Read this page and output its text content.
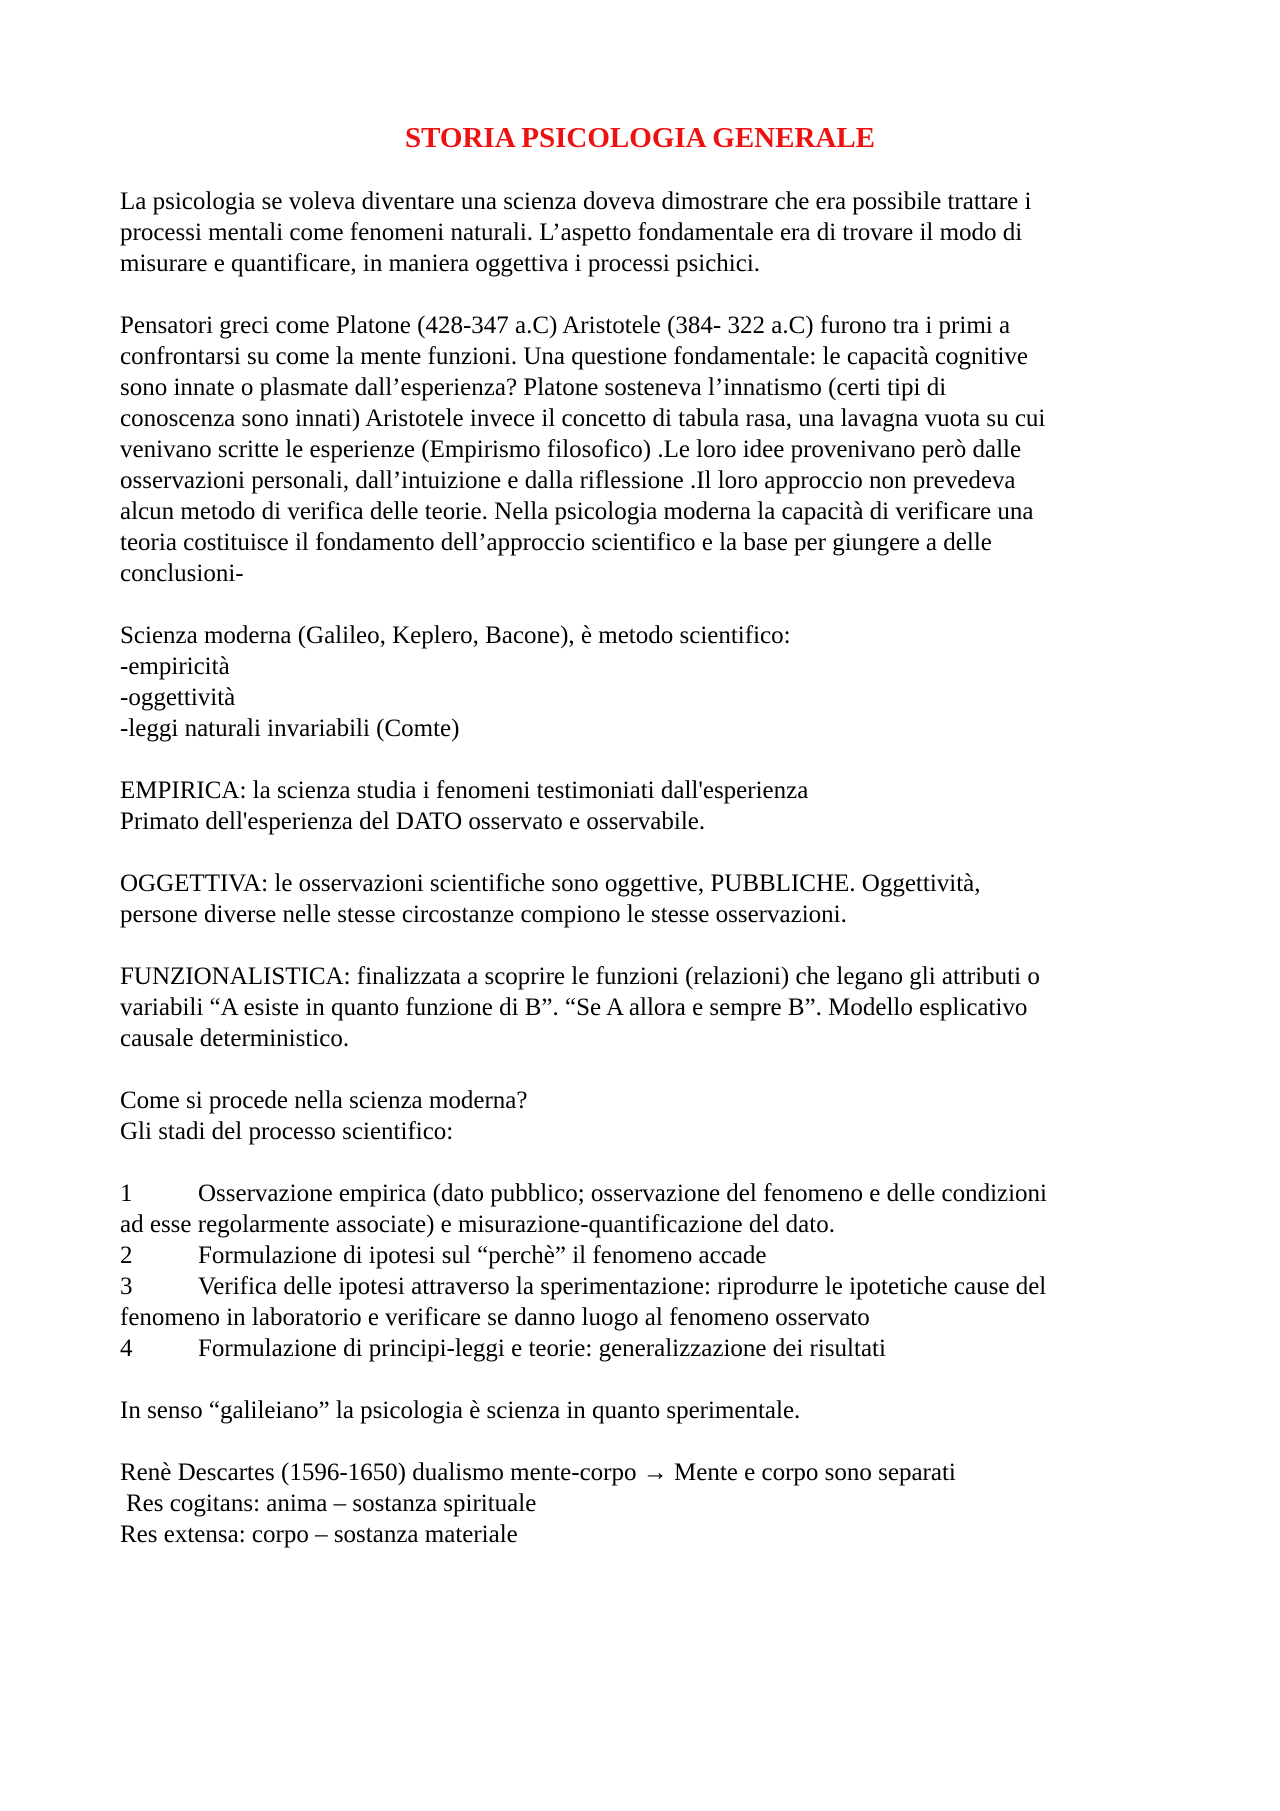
STORIA PSICOLOGIA GENERALE
La psicologia se voleva diventare una scienza doveva dimostrare che era possibile trattare i
processi mentali come fenomeni naturali. L’aspetto fondamentale era di trovare il modo di
misurare e quantificare, in maniera oggettiva i processi psichici.
Pensatori greci come Platone (428-347 a.C) Aristotele (384- 322 a.C) furono tra i primi a
confrontarsi su come la mente funzioni. Una questione fondamentale: le capacità cognitive
sono innate o plasmate dall’esperienza? Platone sosteneva l’innatismo (certi tipi di
conoscenza sono innati) Aristotele invece il concetto di tabula rasa, una lavagna vuota su cui
venivano scritte le esperienze (Empirismo filosofico) .Le loro idee provenivano però dalle
osservazioni personali, dall’intuizione e dalla riflessione .Il loro approccio non prevedeva
alcun metodo di verifica delle teorie. Nella psicologia moderna la capacità di verificare una
teoria costituisce il fondamento dell’approccio scientifico e la base per giungere a delle
conclusioni-
Scienza moderna (Galileo, Keplero, Bacone), è metodo scientifico:
-empiricità
-oggettività
-leggi naturali invariabili (Comte)
EMPIRICA: la scienza studia i fenomeni testimoniati dall'esperienza
Primato dell'esperienza del DATO osservato e osservabile.
OGGETTIVA: le osservazioni scientifiche sono oggettive, PUBBLICHE. Oggettività,
persone diverse nelle stesse circostanze compiono le stesse osservazioni.
FUNZIONALISTICA: finalizzata a scoprire le funzioni (relazioni) che legano gli attributi o
variabili “A esiste in quanto funzione di B”. “Se A allora e sempre B”. Modello esplicativo
causale deterministico.
Come si procede nella scienza moderna?
Gli stadi del processo scientifico:
1	Osservazione empirica (dato pubblico; osservazione del fenomeno e delle condizioni
ad esse regolarmente associate) e misurazione-quantificazione del dato.
2	Formulazione di ipotesi sul “perchè” il fenomeno accade
3	Verifica delle ipotesi attraverso la sperimentazione: riprodurre le ipotetiche cause del
fenomeno in laboratorio e verificare se danno luogo al fenomeno osservato
4	Formulazione di principi-leggi e teorie: generalizzazione dei risultati
In senso “galileiano” la psicologia è scienza in quanto sperimentale.
Renè Descartes (1596-1650) dualismo mente-corpo → Mente e corpo sono separati
Res cogitans: anima – sostanza spirituale
Res extensa: corpo – sostanza materiale
